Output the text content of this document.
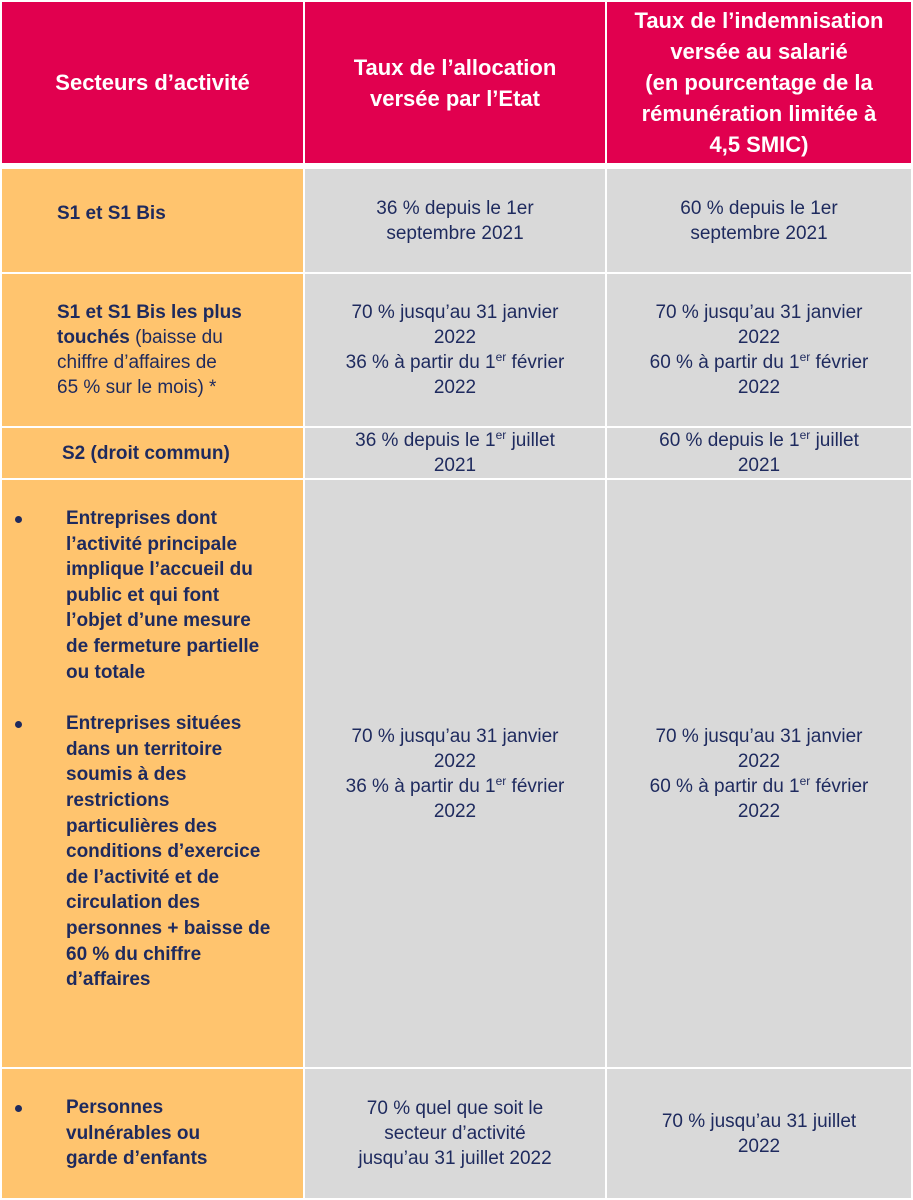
Secteurs d’activité
Taux de l’allocation versée par l’Etat
Taux de l’indemnisation
versée au salarié
(en pourcentage de la
rémunération limitée à
4,5 SMIC)
S1 et S1 Bis	36 % depuis le 1er
septembre 2021
60 % depuis le 1er
septembre 2021
S1 et S1 Bis les plus
touchés (baisse du
chiffre d’affaires de
65 % sur le mois) *
70 % jusqu’au 31 janvier
2022
36 % à partir du 1er février
2022
70 % jusqu’au 31 janvier
2022
60 % à partir du 1er février
2022
S2 (droit commun)
36 % depuis le 1er juillet
2021
60 % depuis le 1er juillet
2021
Entreprises dont l’activité principale implique l’accueil du public et qui font l’objet d’une mesure de fermeture partielle ou totale
Entreprises situées dans un territoire soumis à des restrictions particulières des conditions d’exercice de l’activité et de circulation des personnes + baisse de 60 % du chiffre d’affaires
70 % jusqu’au 31 janvier
2022
36 % à partir du 1er février
2022
70 % jusqu’au 31 janvier
2022
60 % à partir du 1er février
2022
Personnes vulnérables ou garde d’enfants
70 % quel que soit le
secteur d’activité
jusqu’au 31 juillet 2022
70 % jusqu’au 31 juillet
2022
